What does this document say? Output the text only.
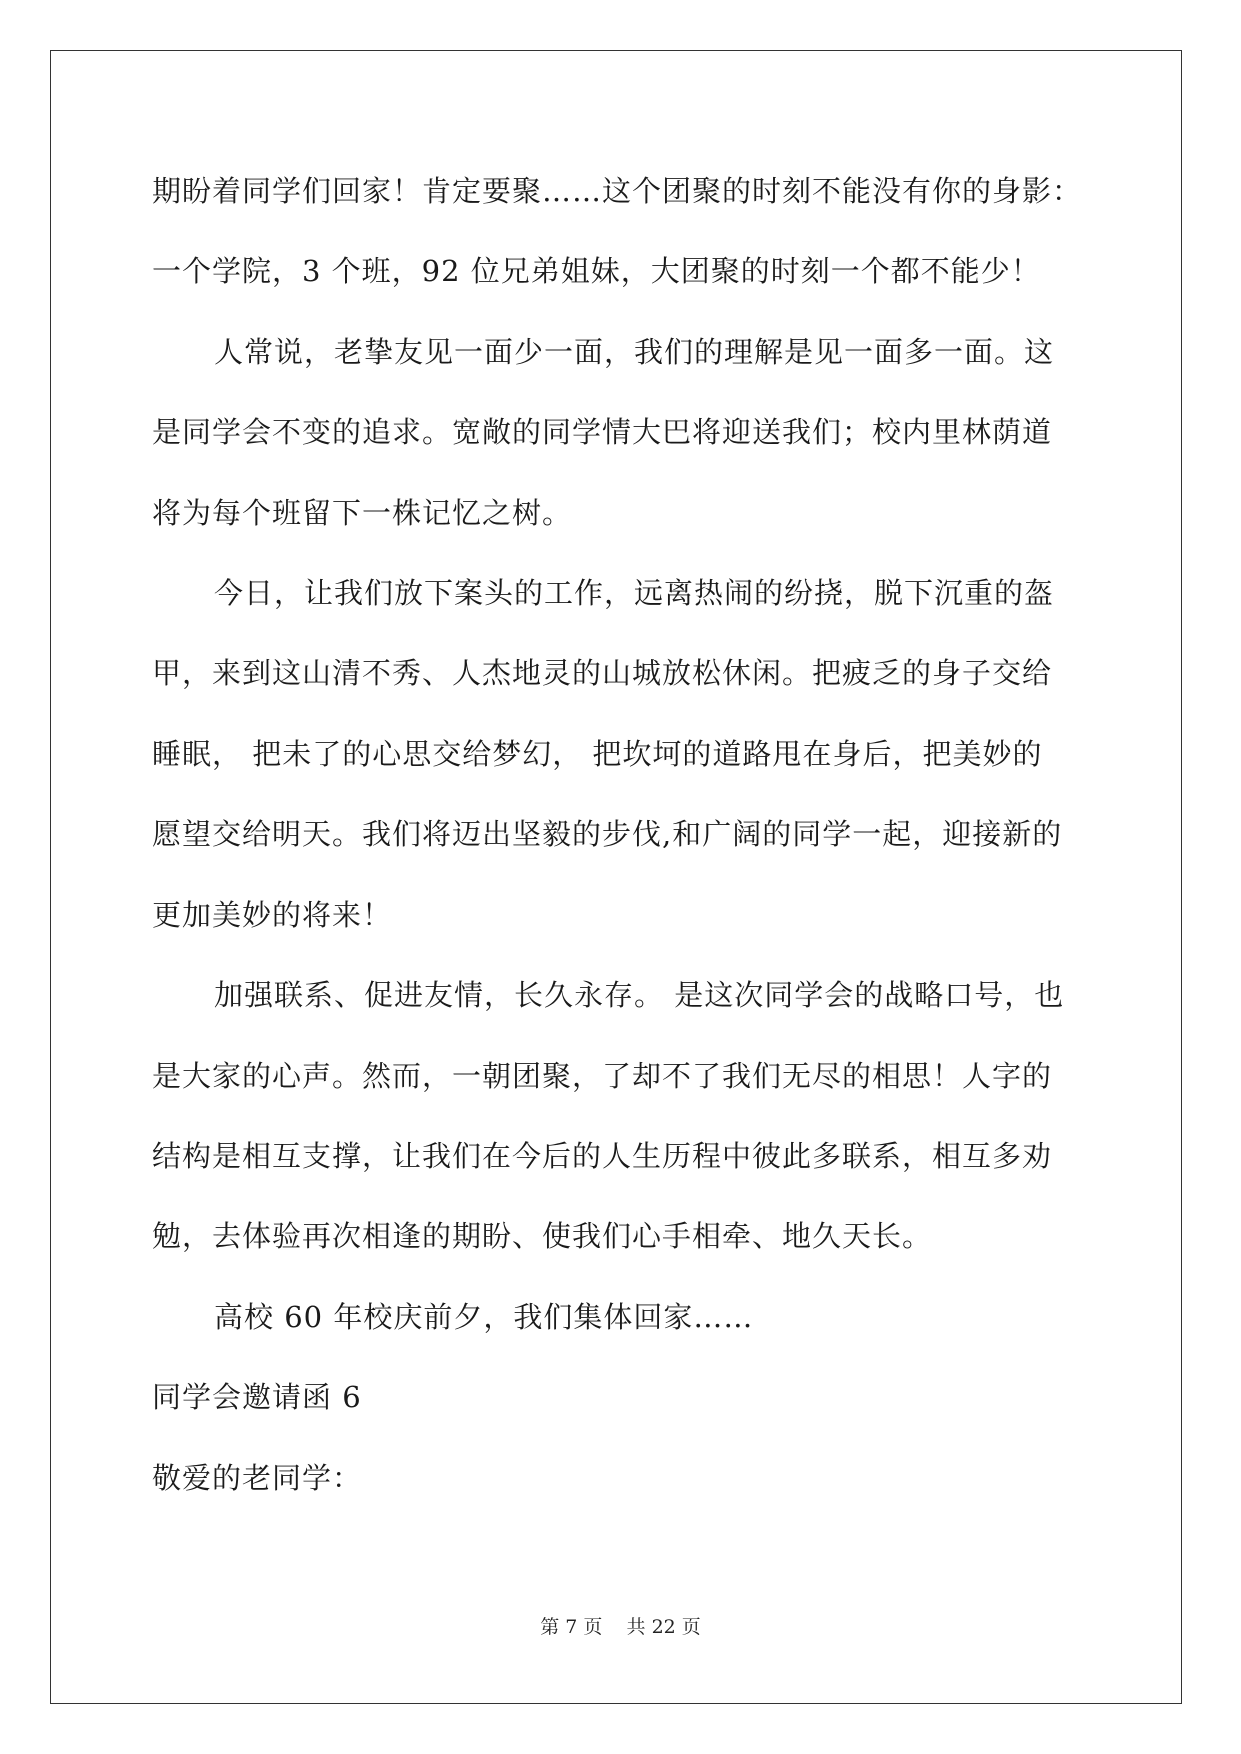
期盼着同学们回家！肯定要聚……这个团聚的时刻不能没有你的身影：
一个学院，3 个班，92 位兄弟姐妹，大团聚的时刻一个都不能少！
人常说，老挚友见一面少一面，我们的理解是见一面多一面。这
是同学会不变的追求。宽敞的同学情大巴将迎送我们；校内里林荫道
将为每个班留下一株记忆之树。
今日，让我们放下案头的工作，远离热闹的纷挠，脱下沉重的盔
甲，来到这山清不秀、人杰地灵的山城放松休闲。把疲乏的身子交给
睡眠， 把未了的心思交给梦幻， 把坎坷的道路甩在身后，把美妙的
愿望交给明天。我们将迈出坚毅的步伐,和广阔的同学一起，迎接新的
更加美妙的将来！
加强联系、促进友情，长久永存。 是这次同学会的战略口号，也
是大家的心声。然而，一朝团聚，了却不了我们无尽的相思！人字的
结构是相互支撑，让我们在今后的人生历程中彼此多联系，相互多劝
勉，去体验再次相逢的期盼、使我们心手相牵、地久天长。
高校 60 年校庆前夕，我们集体回家……
同学会邀请函 6
敬爱的老同学：
第 7 页 共 22 页
